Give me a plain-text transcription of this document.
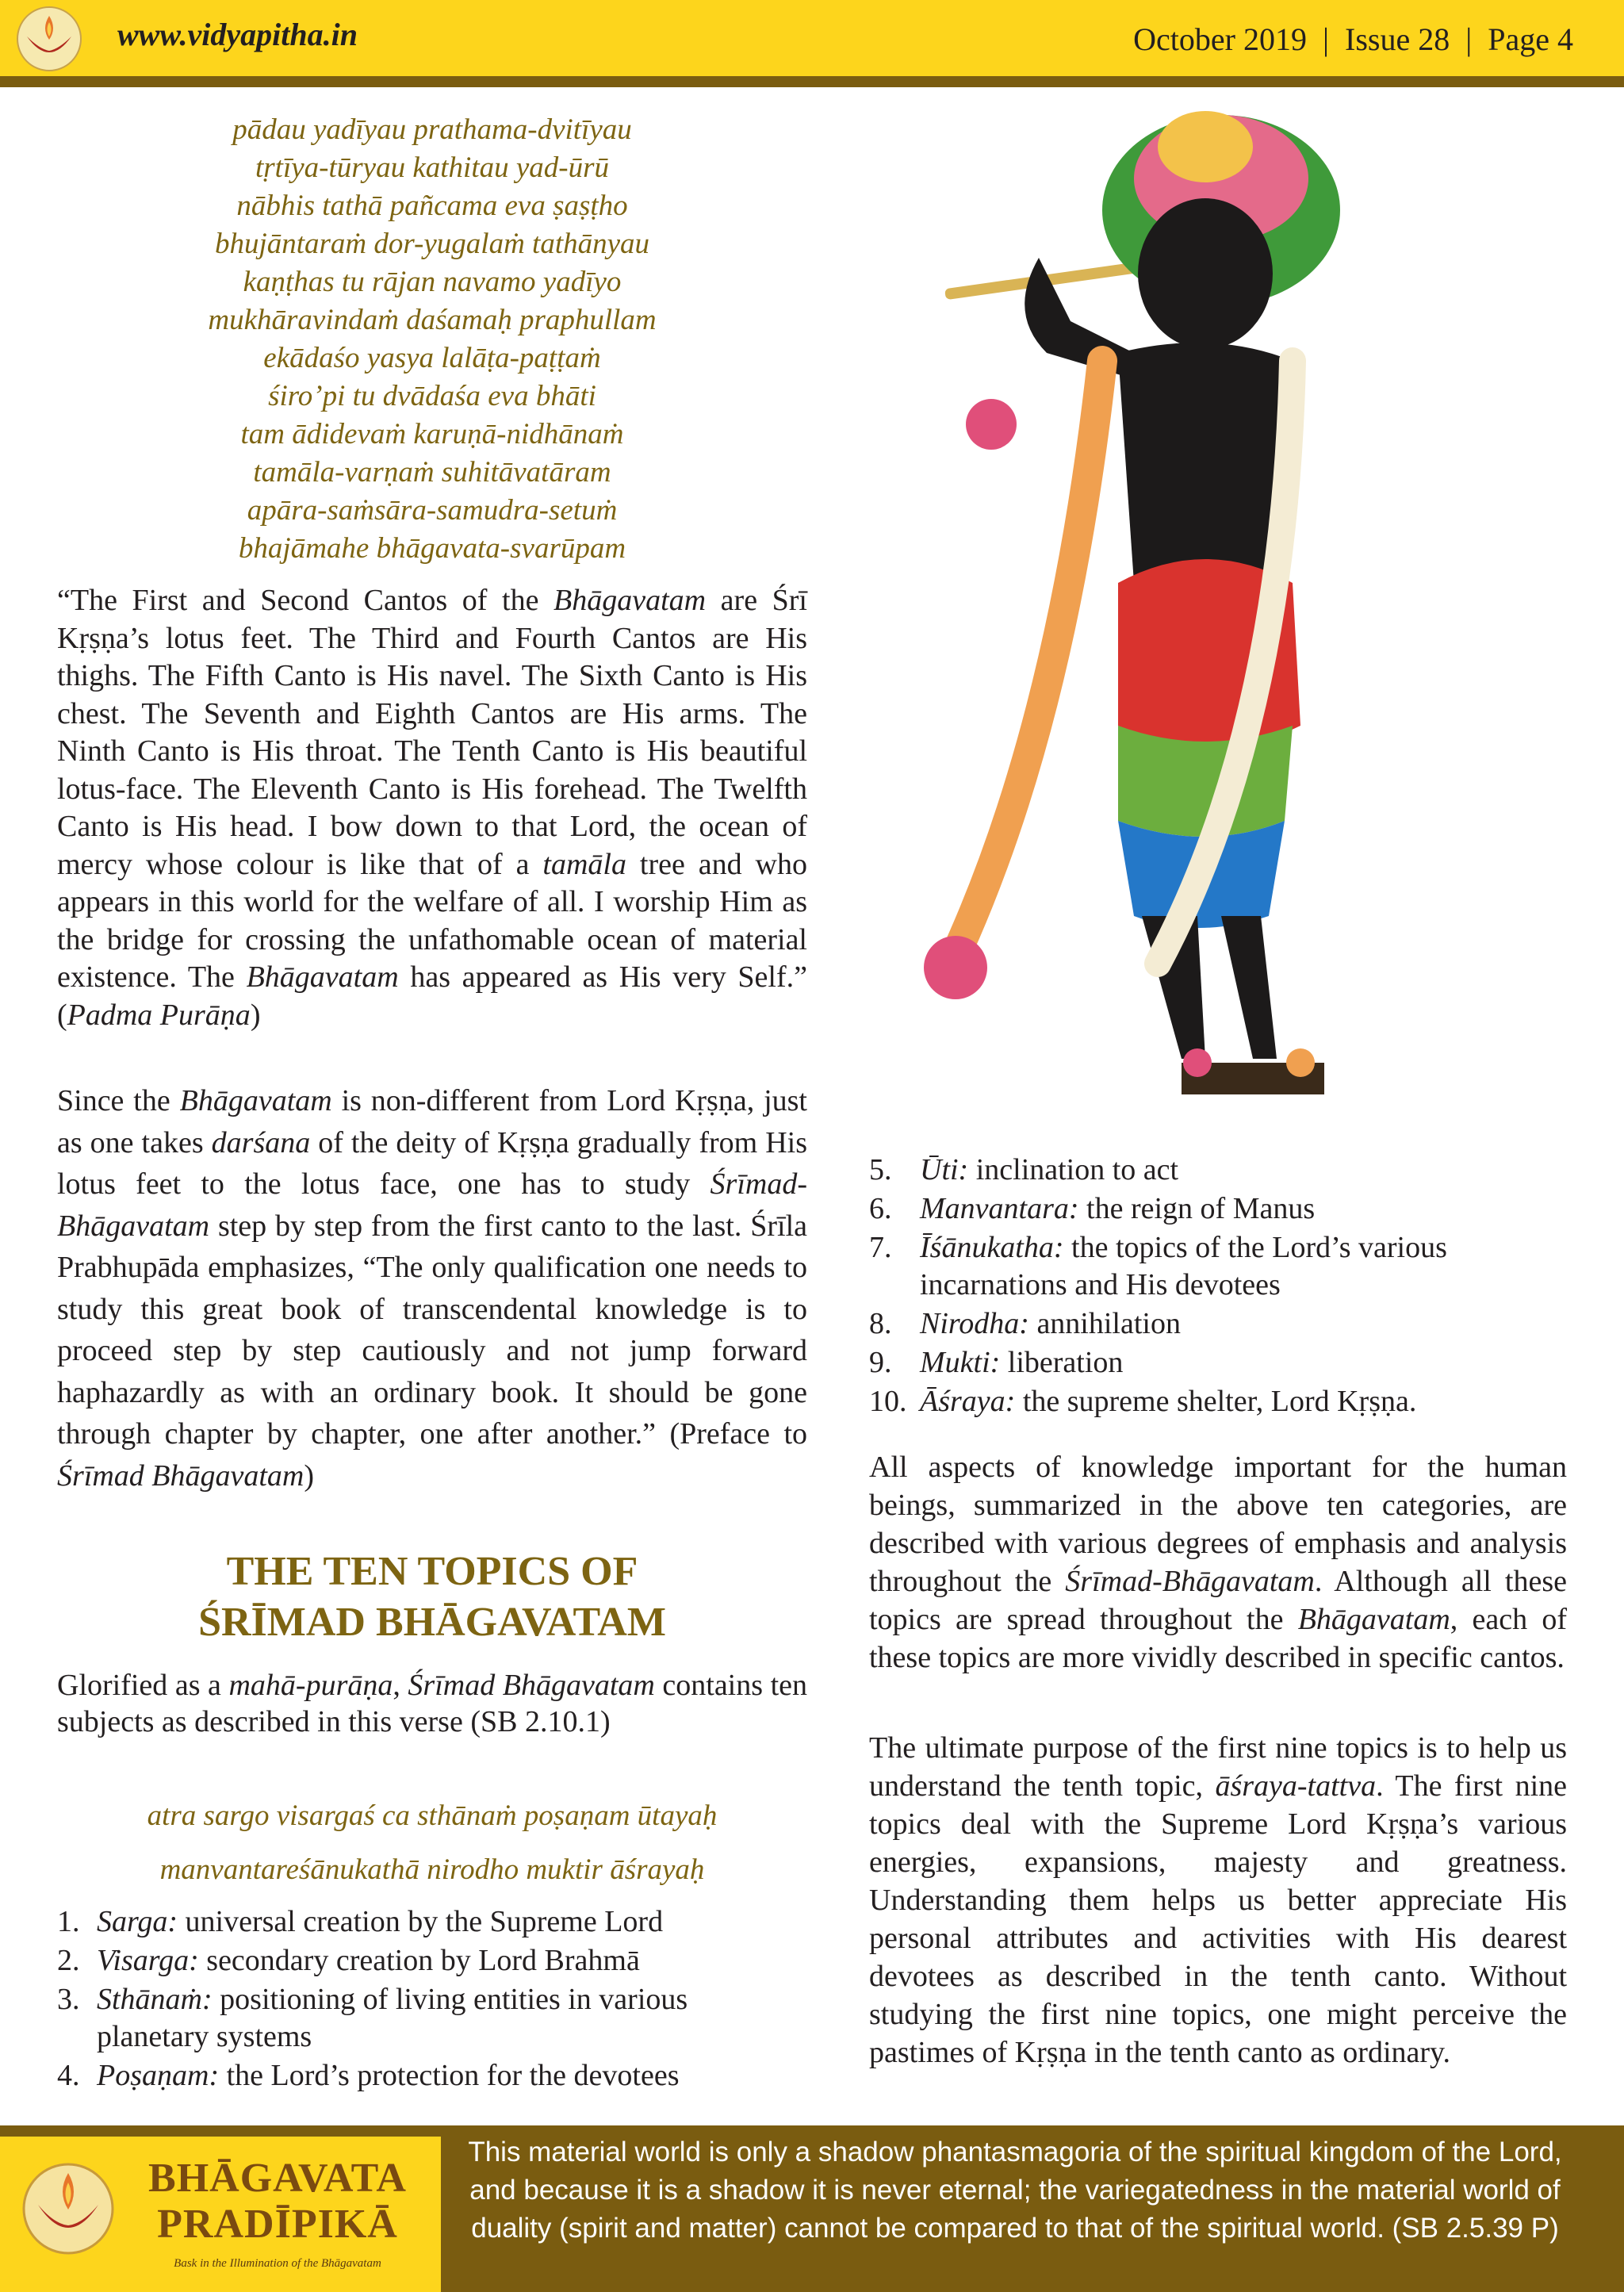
www.vidyapitha.in	October 2019 | Issue 28 | Page 4
pādau yadīyau prathama-dvitīyau
tṛtīya-tūryau kathitau yad-ūrū
nābhis tathā pañcama eva ṣaṣṭho
bhujāntaraṁ dor-yugalaṁ tathānyau
kaṇṭhas tu rājan navamo yadīyo
mukhāravindaṁ daśamaḥ praphullam
ekādaśo yasya lalāṭa-paṭṭaṁ
śiro’pi tu dvādaśa eva bhāti
tam ādidevaṁ karuṇā-nidhānaṁ
tamāla-varṇaṁ suhitāvatāram
apāra-saṁsāra-samudra-setuṁ
bhajāmahe bhāgavata-svarūpam
“The First and Second Cantos of the Bhāgavatam are Śrī Kṛṣṇa’s lotus feet. The Third and Fourth Cantos are His thighs. The Fifth Canto is His navel. The Sixth Canto is His chest. The Seventh and Eighth Cantos are His arms. The Ninth Canto is His throat. The Tenth Canto is His beautiful lotus-face. The Eleventh Canto is His forehead. The Twelfth Canto is His head. I bow down to that Lord, the ocean of mercy whose colour is like that of a tamāla tree and who appears in this world for the welfare of all. I worship Him as the bridge for crossing the unfathomable ocean of material existence. The Bhāgavatam has appeared as His very Self.” (Padma Purāṇa)
Since the Bhāgavatam is non-different from Lord Kṛṣṇa, just as one takes darśana of the deity of Kṛṣṇa gradually from His lotus feet to the lotus face, one has to study Śrīmad-Bhāgavatam step by step from the first canto to the last. Śrīla Prabhupāda emphasizes, “The only qualification one needs to study this great book of transcendental knowledge is to proceed step by step cautiously and not jump forward haphazardly as with an ordinary book. It should be gone through chapter by chapter, one after another.” (Preface to Śrīmad Bhāgavatam)
THE TEN TOPICS OF
ŚRĪMAD BHĀGAVATAM
Glorified as a mahā-purāṇa, Śrīmad Bhāgavatam contains ten subjects as described in this verse (SB 2.10.1)
atra sargo visargaś ca sthānaṁ poṣaṇam ūtayaḥ
manvantareśānukathā nirodho muktir āśrayaḥ
1. Sarga: universal creation by the Supreme Lord
2. Visarga: secondary creation by Lord Brahmā
3. Sthānaṁ: positioning of living entities in various planetary systems
4. Poṣaṇam: the Lord’s protection for the devotees
5. Ūti: inclination to act
6. Manvantara: the reign of Manus
7. Īśānukatha: the topics of the Lord’s various incarnations and His devotees
8. Nirodha: annihilation
9. Mukti: liberation
10. Āśraya: the supreme shelter, Lord Kṛṣṇa.
All aspects of knowledge important for the human beings, summarized in the above ten categories, are described with various degrees of emphasis and analysis throughout the Śrīmad-Bhāgavatam. Although all these topics are spread throughout the Bhāgavatam, each of these topics are more vividly described in specific cantos.
The ultimate purpose of the first nine topics is to help us understand the tenth topic, āśraya-tattva. The first nine topics deal with the Supreme Lord Kṛṣṇa’s various energies, expansions, majesty and greatness. Understanding them helps us better appreciate His personal attributes and activities with His dearest devotees as described in the tenth canto. Without studying the first nine topics, one might perceive the pastimes of Kṛṣṇa in the tenth canto as ordinary.
BHĀGAVATA
PRADĪPIKĀ
Bask in the Illumination of the Bhāgavatam
This material world is only a shadow phantasmagoria of the spiritual kingdom of the Lord, and because it is a shadow it is never eternal; the variegatedness in the material world of duality (spirit and matter) cannot be compared to that of the spiritual world. (SB 2.5.39 P)
